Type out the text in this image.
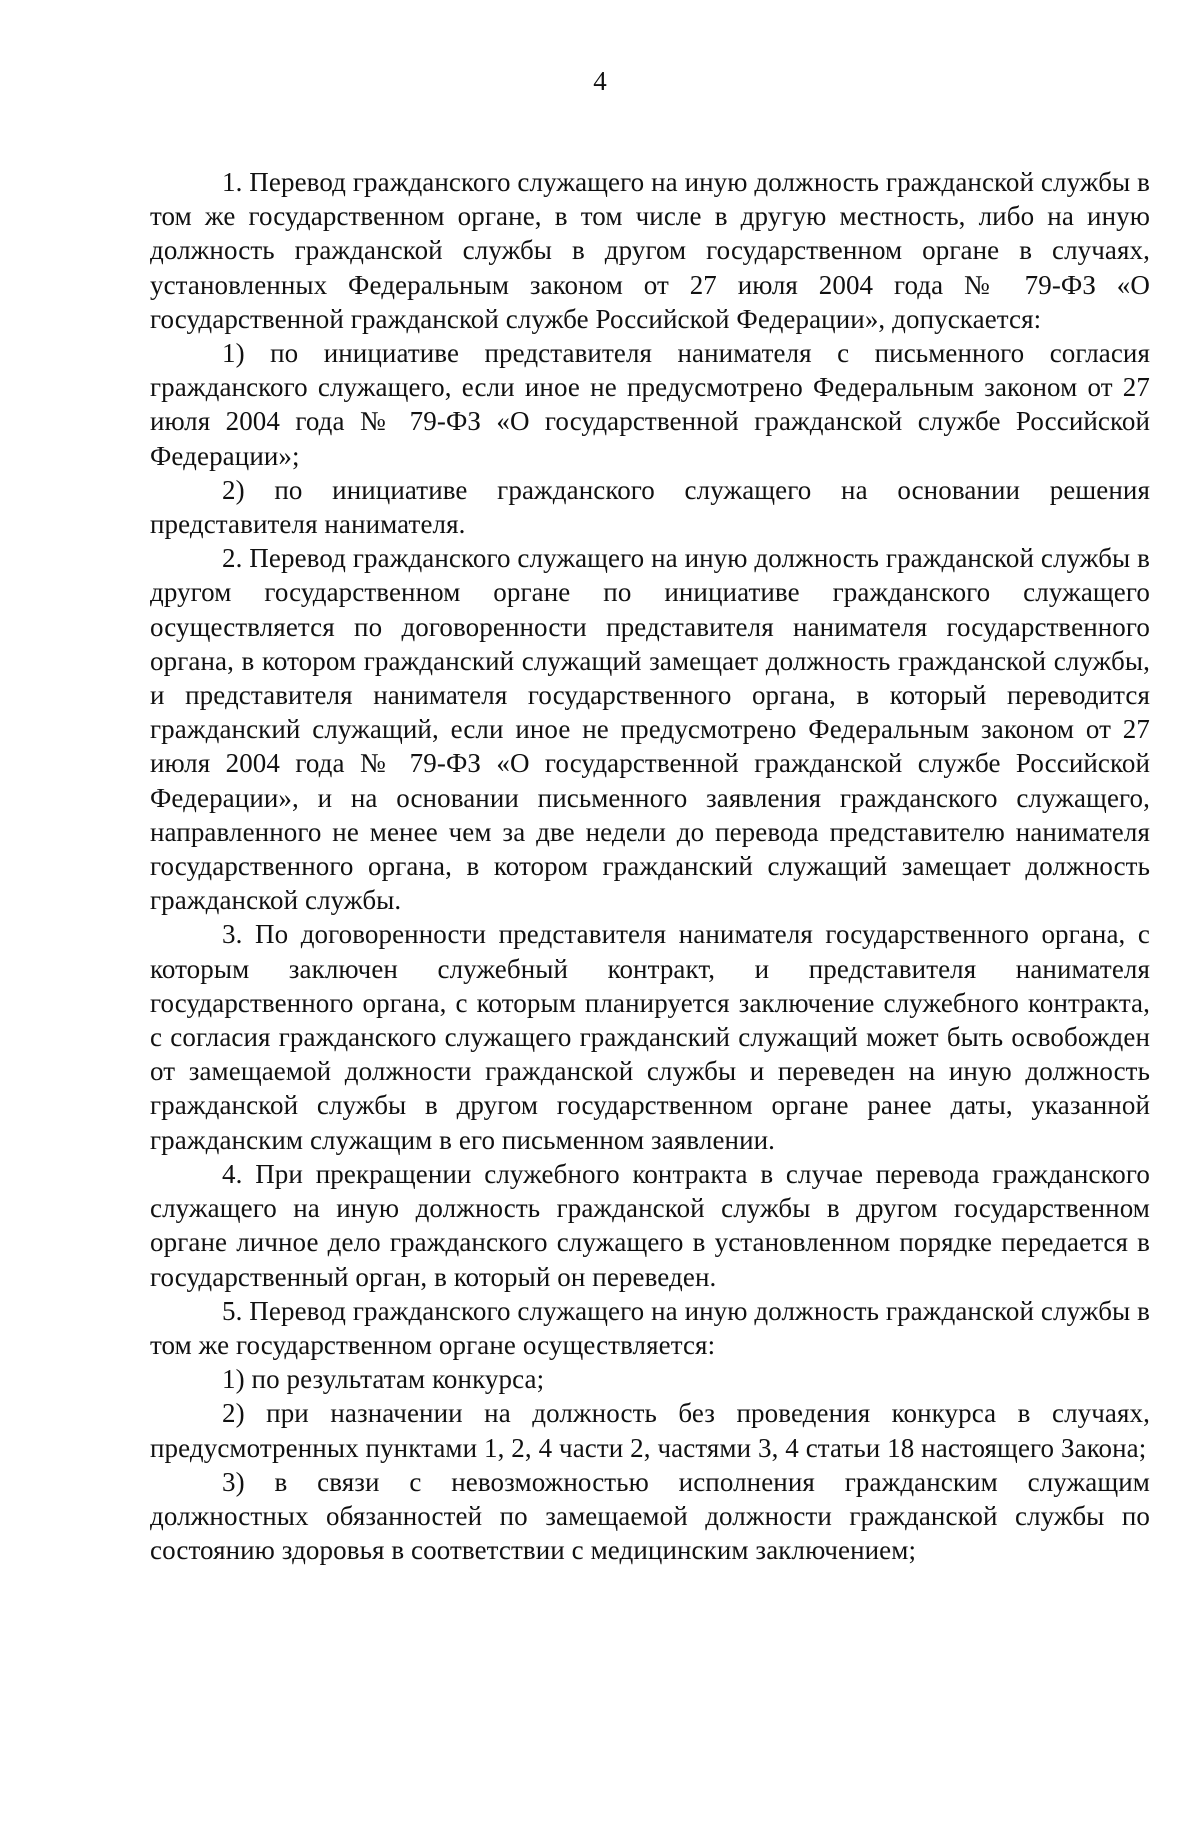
4

1. Перевод гражданского служащего на иную должность гражданской службы в том же государственном органе, в том числе в другую местность, либо на иную должность гражданской службы в другом государственном органе в случаях, установленных Федеральным законом от 27 июля 2004 года № 79-ФЗ «О государственной гражданской службе Российской Федерации», допускается:

1) по инициативе представителя нанимателя с письменного согласия гражданского служащего, если иное не предусмотрено Федеральным законом от 27 июля 2004 года № 79-ФЗ «О государственной гражданской службе Российской Федерации»;

2) по инициативе гражданского служащего на основании решения представителя нанимателя.

2. Перевод гражданского служащего на иную должность гражданской службы в другом государственном органе по инициативе гражданского служащего осуществляется по договоренности представителя нанимателя государственного органа, в котором гражданский служащий замещает должность гражданской службы, и представителя нанимателя государственного органа, в который переводится гражданский служащий, если иное не предусмотрено Федеральным законом от 27 июля 2004 года № 79-ФЗ «О государственной гражданской службе Российской Федерации», и на основании письменного заявления гражданского служащего, направленного не менее чем за две недели до перевода представителю нанимателя государственного органа, в котором гражданский служащий замещает должность гражданской службы.

3. По договоренности представителя нанимателя государственного органа, с которым заключен служебный контракт, и представителя нанимателя государственного органа, с которым планируется заключение служебного контракта, с согласия гражданского служащего гражданский служащий может быть освобожден от замещаемой должности гражданской службы и переведен на иную должность гражданской службы в другом государственном органе ранее даты, указанной гражданским служащим в его письменном заявлении.

4. При прекращении служебного контракта в случае перевода гражданского служащего на иную должность гражданской службы в другом государственном органе личное дело гражданского служащего в установленном порядке передается в государственный орган, в который он переведен.

5. Перевод гражданского служащего на иную должность гражданской службы в том же государственном органе осуществляется:

1) по результатам конкурса;

2) при назначении на должность без проведения конкурса в случаях, предусмотренных пунктами 1, 2, 4 части 2, частями 3, 4 статьи 18 настоящего Закона;

3) в связи с невозможностью исполнения гражданским служащим должностных обязанностей по замещаемой должности гражданской службы по состоянию здоровья в соответствии с медицинским заключением;
